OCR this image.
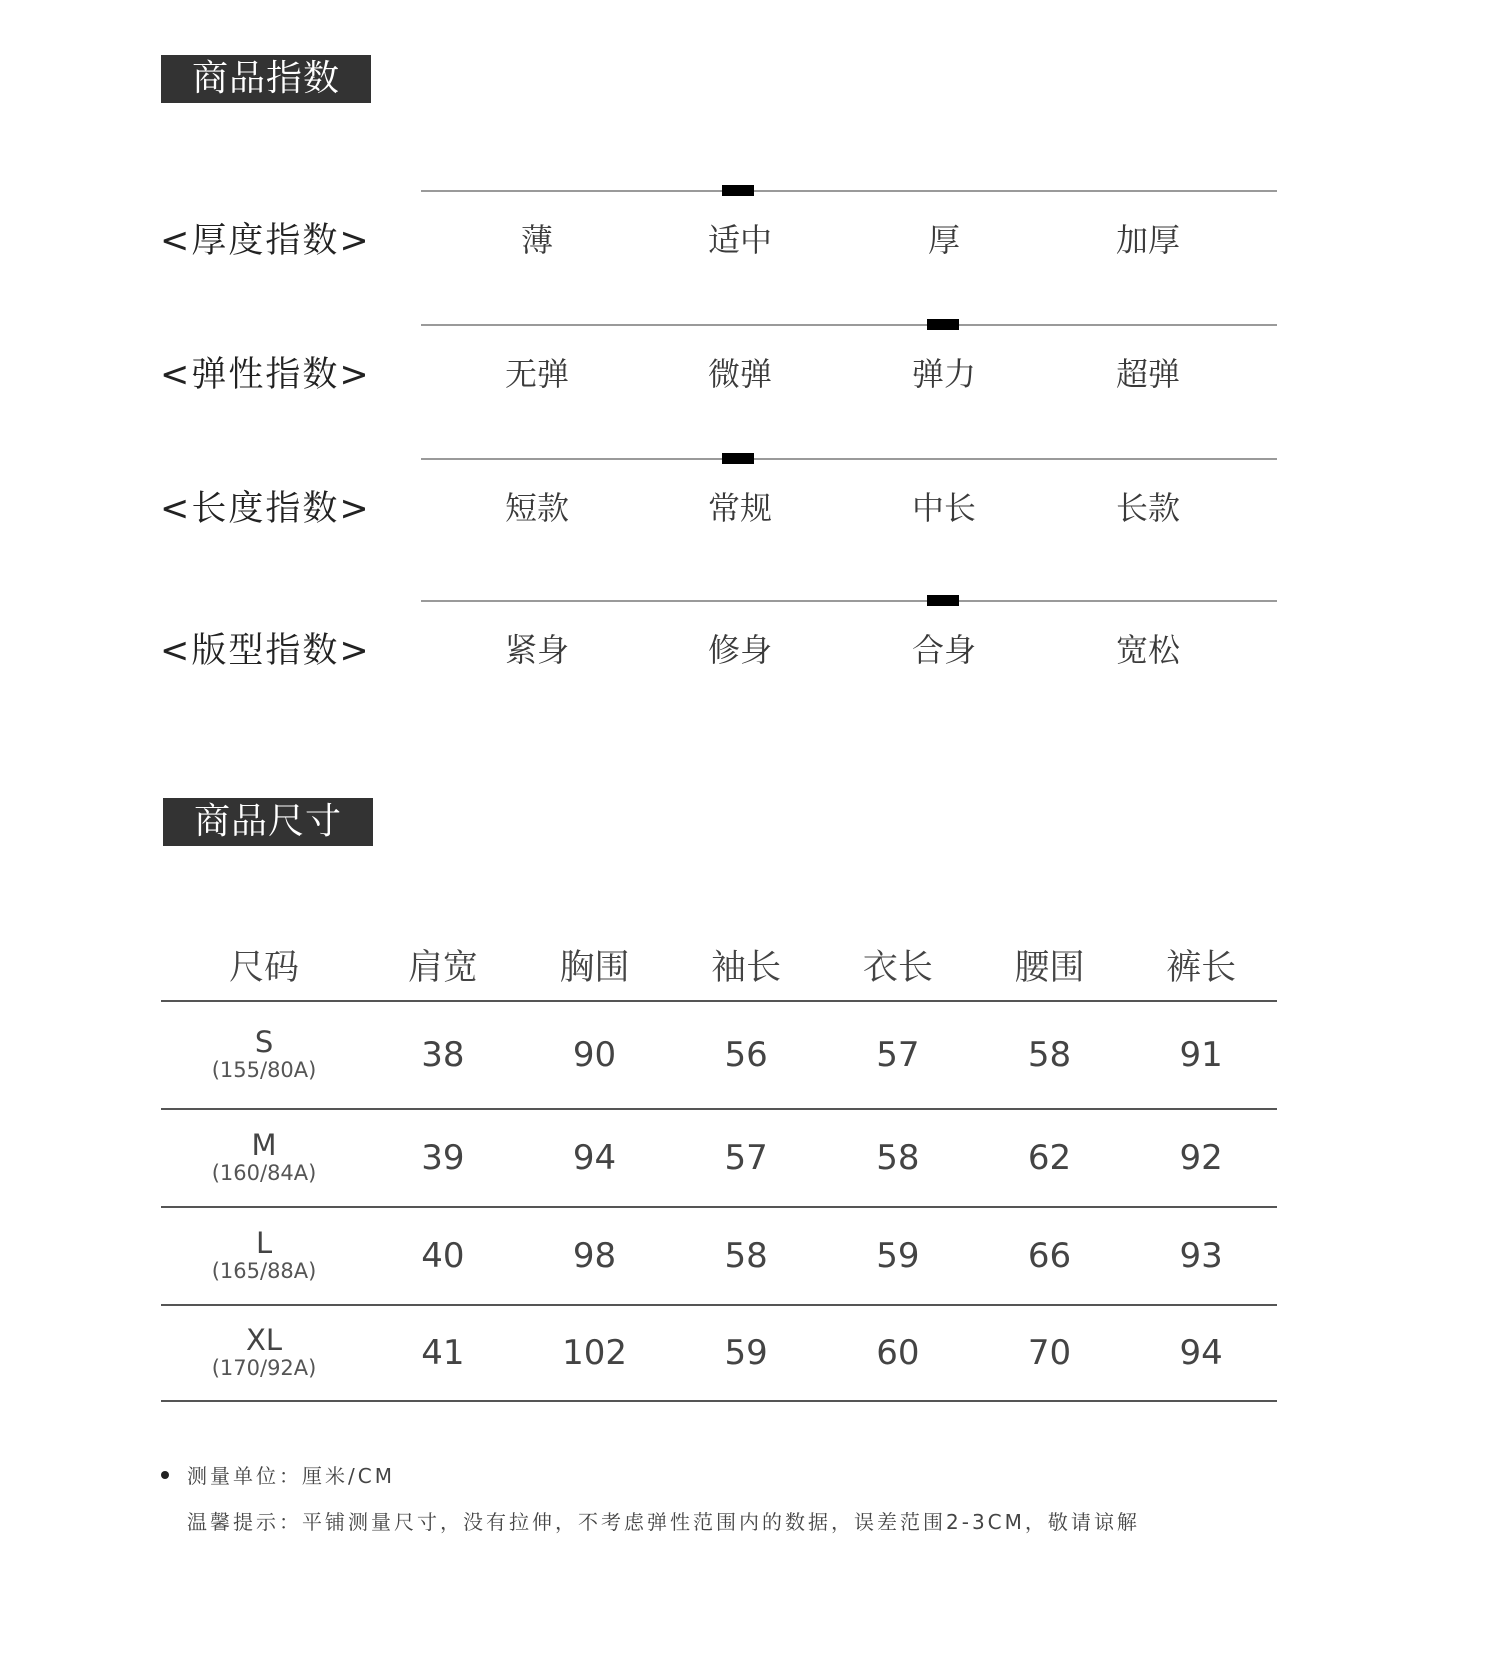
商品指数
<厚度指数>	薄	适中	厚	加厚
<弹性指数>	无弹	微弹	弹力	超弹
<长度指数>	短款	常规	中长	长款
<版型指数>	紧身	修身	合身	宽松
商品尺寸
尺码	肩宽	胸围	袖长	衣长	腰围	裤长

S
(155/80A)	38	90	56	57	58	91

M
(160/84A)	39	94	57	58	62	92

L
(165/88A)	40	98	58	59	66	93

XL
(170/92A)	41	102	59	60	70	94
测量单位：厘米/CM
温馨提示：平铺测量尺寸，没有拉伸，不考虑弹性范围内的数据，误差范围2-3CM，敬请谅解
